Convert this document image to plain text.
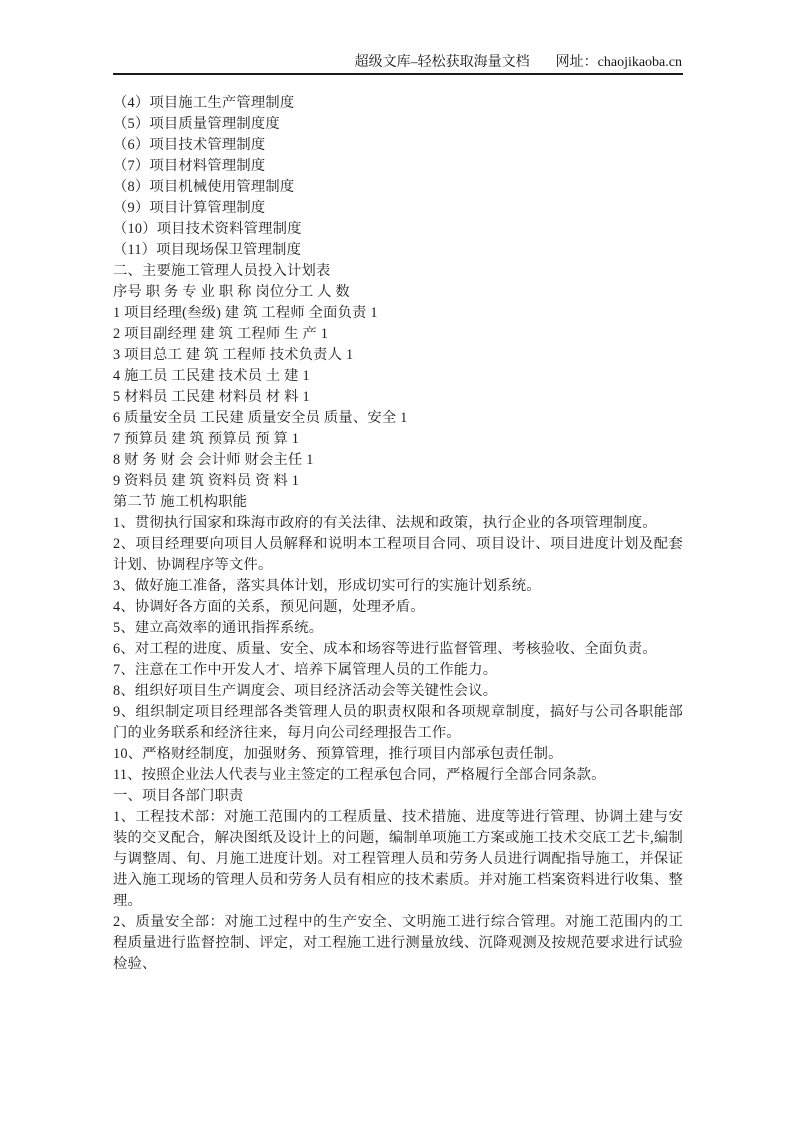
超级文库–轻松获取海量文档 网址：chaojikaoba.cn
（4）项目施工生产管理制度
（5）项目质量管理制度度
（6）项目技术管理制度
（7）项目材料管理制度
（8）项目机械使用管理制度
（9）项目计算管理制度
（10）项目技术资料管理制度
（11）项目现场保卫管理制度
二、主要施工管理人员投入计划表
序号 职 务 专 业 职 称 岗位分工 人 数
1 项目经理(叁级) 建 筑 工程师 全面负责 1
2 项目副经理 建 筑 工程师 生 产 1
3 项目总工 建 筑 工程师 技术负责人 1
4 施工员 工民建 技术员 土 建 1
5 材料员 工民建 材料员 材 料 1
6 质量安全员 工民建 质量安全员 质量、安全 1
7 预算员 建 筑 预算员 预 算 1
8 财 务 财 会 会计师 财会主任 1
9 资料员 建 筑 资料员 资 料 1
第二节 施工机构职能
1、贯彻执行国家和珠海市政府的有关法律、法规和政策，执行企业的各项管理制度。
2、项目经理要向项目人员解释和说明本工程项目合同、项目设计、项目进度计划及配套计划、协调程序等文件。
3、做好施工准备，落实具体计划，形成切实可行的实施计划系统。
4、协调好各方面的关系，预见问题，处理矛盾。
5、建立高效率的通讯指挥系统。
6、对工程的进度、质量、安全、成本和场容等进行监督管理、考核验收、全面负责。
7、注意在工作中开发人才、培养下属管理人员的工作能力。
8、组织好项目生产调度会、项目经济活动会等关键性会议。
9、组织制定项目经理部各类管理人员的职责权限和各项规章制度，搞好与公司各职能部门的业务联系和经济往来，每月向公司经理报告工作。
10、严格财经制度，加强财务、预算管理，推行项目内部承包责任制。
11、按照企业法人代表与业主签定的工程承包合同，严格履行全部合同条款。
一、项目各部门职责
1、工程技术部：对施工范围内的工程质量、技术措施、进度等进行管理、协调土建与安装的交叉配合，解决图纸及设计上的问题，编制单项施工方案或施工技术交底工艺卡,编制与调整周、旬、月施工进度计划。对工程管理人员和劳务人员进行调配指导施工，并保证进入施工现场的管理人员和劳务人员有相应的技术素质。并对施工档案资料进行收集、整理。
2、质量安全部：对施工过程中的生产安全、文明施工进行综合管理。对施工范围内的工程质量进行监督控制、评定，对工程施工进行测量放线、沉降观测及按规范要求进行试验检验、
